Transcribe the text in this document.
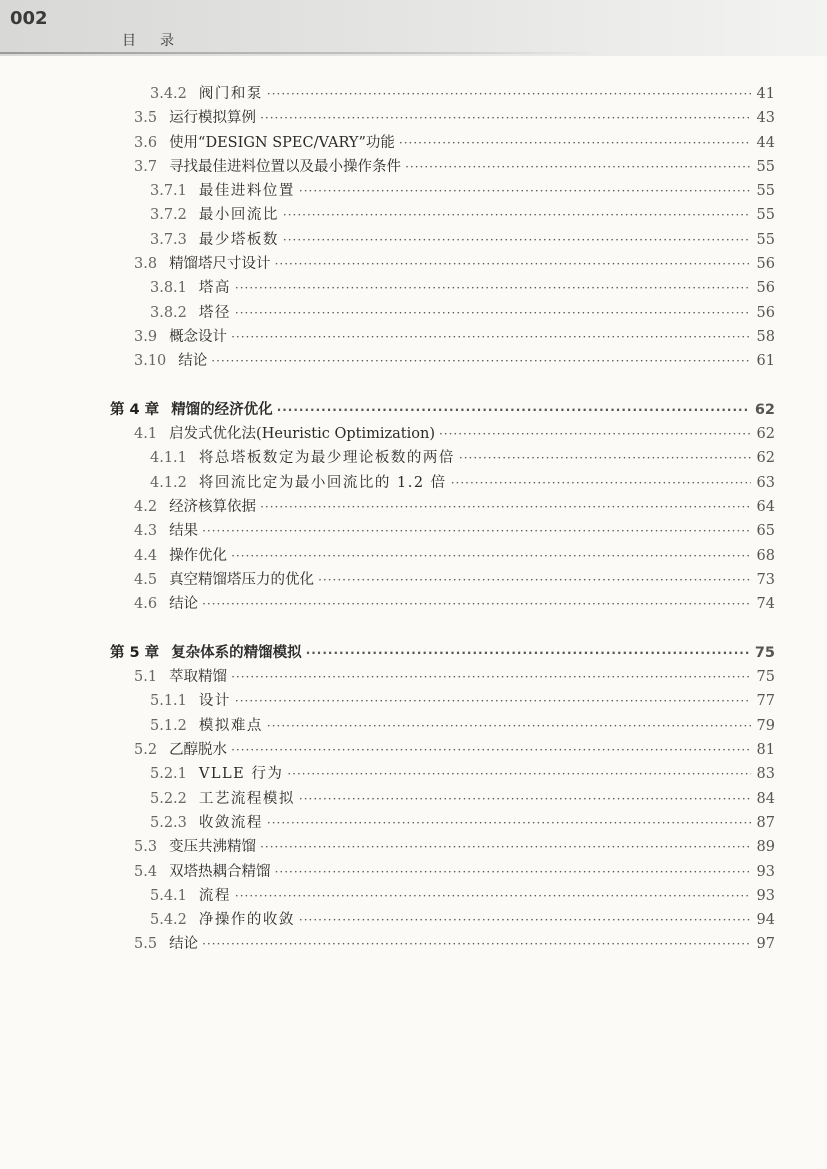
002
目录
3.4.2 阀门和泵 ·····	41
3.5 运行模拟算例 ·····	43
3.6 使用“DESIGN SPEC/VARY”功能 ·····	44
3.7 寻找最佳进料位置以及最小操作条件 ·····	55
3.7.1 最佳进料位置 ·····	55
3.7.2 最小回流比 ·····	55
3.7.3 最少塔板数 ·····	55
3.8 精馏塔尺寸设计 ·····	56
3.8.1 塔高 ·····	56
3.8.2 塔径 ·····	56
3.9 概念设计 ·····	58
3.10 结论 ·····	61
第 4 章 精馏的经济优化 ·····	62
4.1 启发式优化法(Heuristic Optimization) ·····	62
4.1.1 将总塔板数定为最少理论板数的两倍 ·····	62
4.1.2 将回流比定为最小回流比的 1.2 倍 ·····	63
4.2 经济核算依据 ·····	64
4.3 结果 ·····	65
4.4 操作优化 ·····	68
4.5 真空精馏塔压力的优化 ·····	73
4.6 结论 ·····	74
第 5 章 复杂体系的精馏模拟 ·····	75
5.1 萃取精馏 ·····	75
5.1.1 设计 ·····	77
5.1.2 模拟难点 ·····	79
5.2 乙醇脱水 ·····	81
5.2.1 VLLE 行为 ·····	83
5.2.2 工艺流程模拟 ·····	84
5.2.3 收敛流程 ·····	87
5.3 变压共沸精馏 ·····	89
5.4 双塔热耦合精馏 ·····	93
5.4.1 流程 ·····	93
5.4.2 净操作的收敛 ·····	94
5.5 结论 ·····	97
